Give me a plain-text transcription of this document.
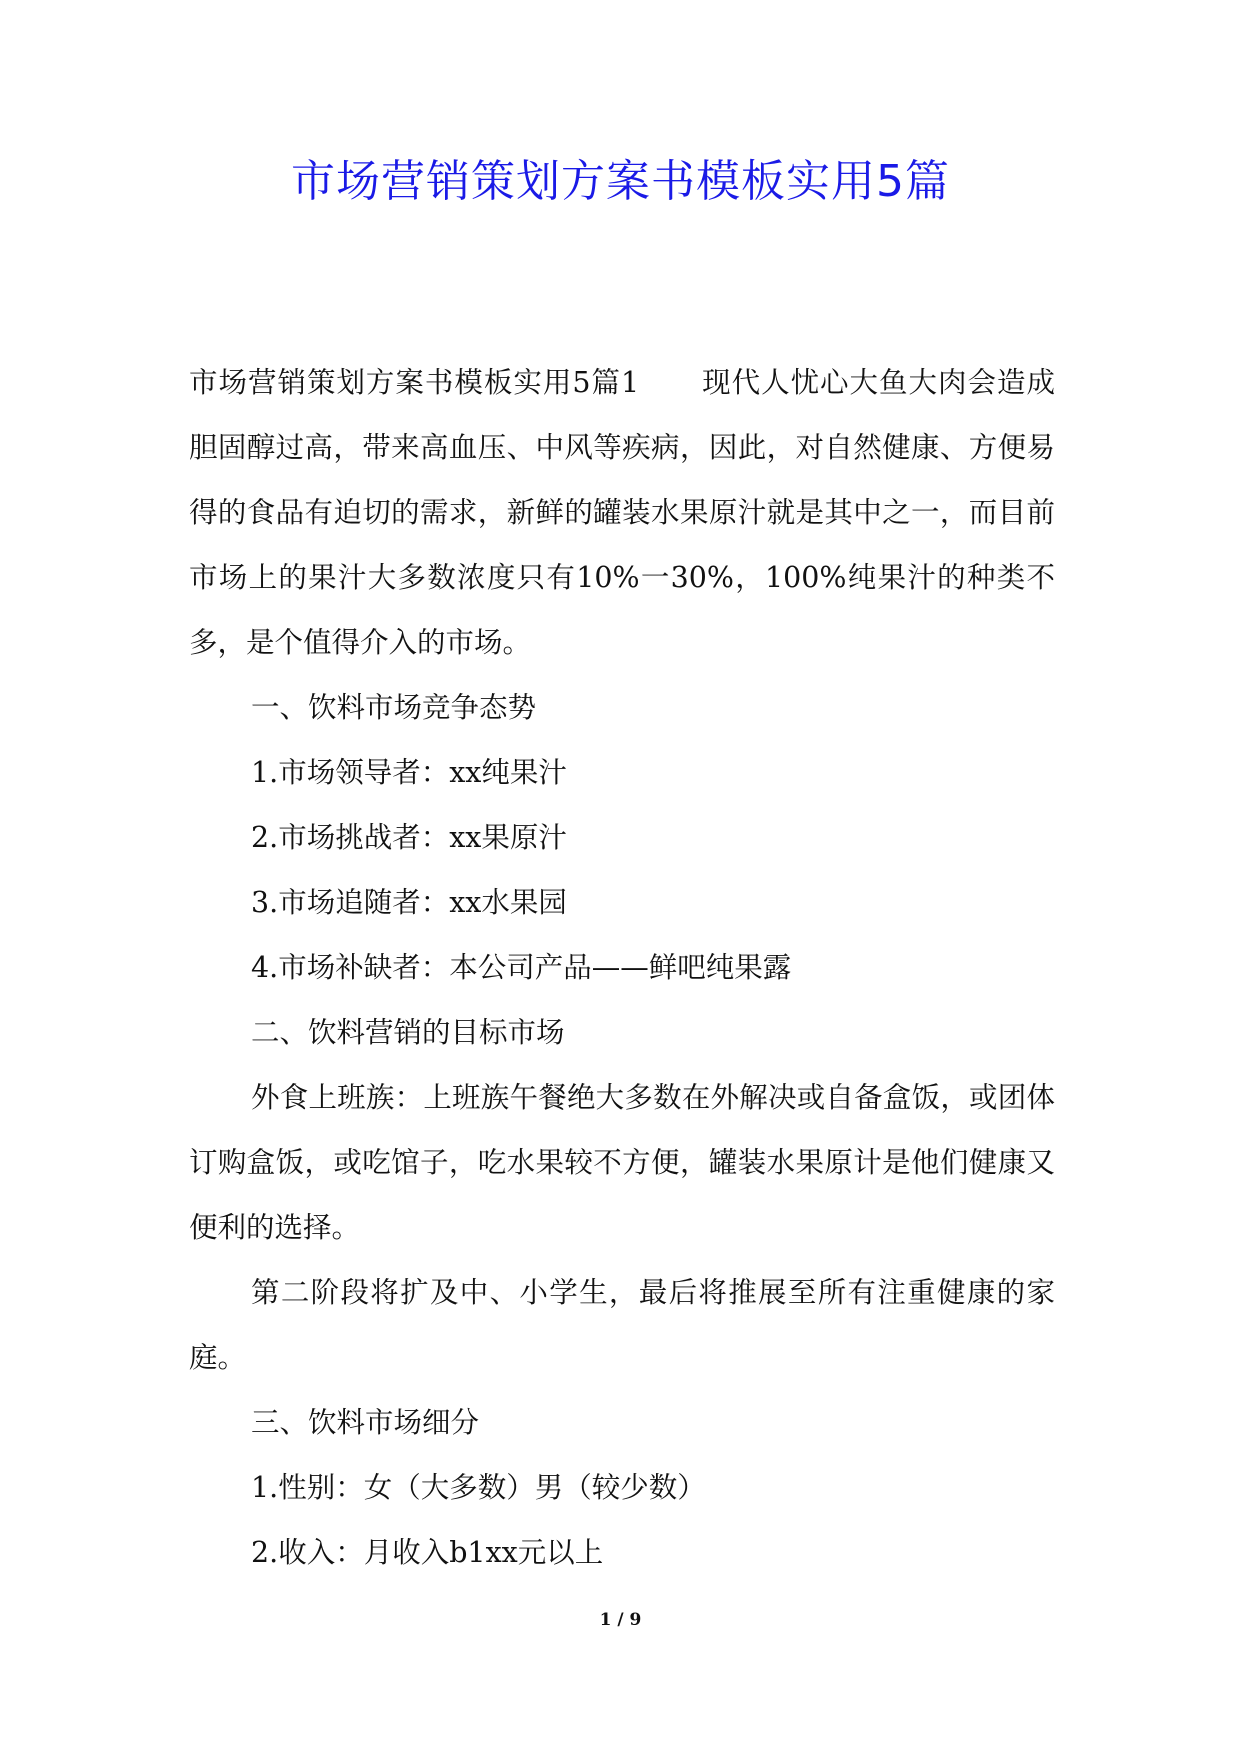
市场营销策划方案书模板实用5篇

市场营销策划方案书模板实用5篇1 现代人忧心大鱼大肉会造成胆固醇过高，带来高血压、中风等疾病，因此，对自然健康、方便易得的食品有迫切的需求，新鲜的罐装水果原汁就是其中之一，而目前市场上的果汁大多数浓度只有10%一30%，100%纯果汁的种类不多，是个值得介入的市场。

一、饮料市场竞争态势

1.市场领导者：xx纯果汁

2.市场挑战者：xx果原汁

3.市场追随者：xx水果园

4.市场补缺者：本公司产品——鲜吧纯果露

二、饮料营销的目标市场

外食上班族：上班族午餐绝大多数在外解决或自备盒饭，或团体订购盒饭，或吃馆子，吃水果较不方便，罐装水果原计是他们健康又便利的选择。

第二阶段将扩及中、小学生，最后将推展至所有注重健康的家庭。

三、饮料市场细分

1.性别：女（大多数）男（较少数）

2.收入：月收入b1xx元以上

1 / 9
